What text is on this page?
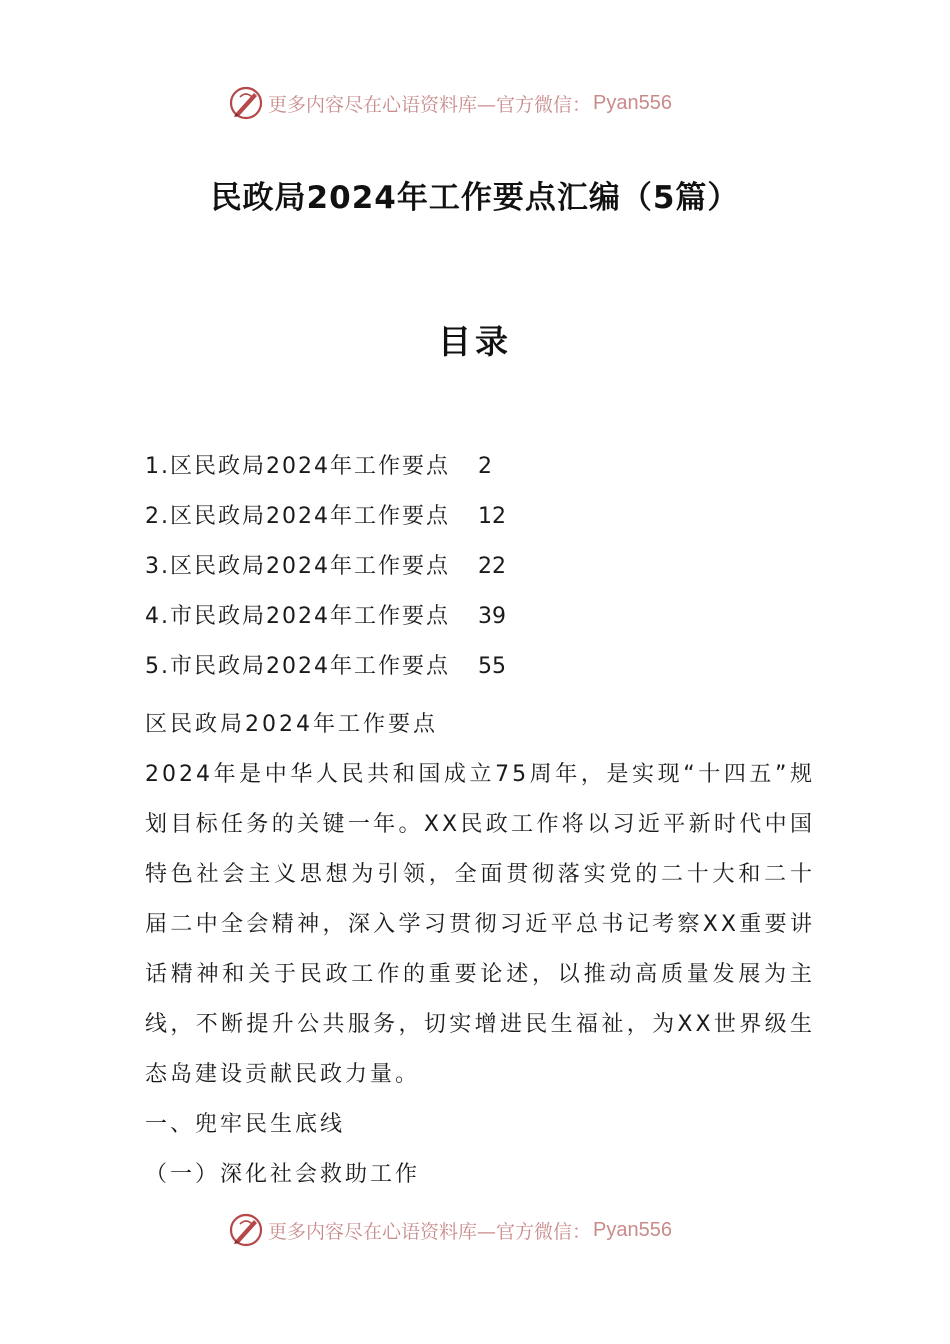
更多内容尽在心语资料库—官方微信： Pyan556
民政局2024年工作要点汇编（5篇）
目录
1.区民政局2024年工作要点 2
2.区民政局2024年工作要点 12
3.区民政局2024年工作要点 22
4.市民政局2024年工作要点 39
5.市民政局2024年工作要点 55

区民政局2024年工作要点

2024年是中华人民共和国成立75周年，是实现“十四五”规划目标任务的关键一年。XX民政工作将以习近平新时代中国特色社会主义思想为引领，全面贯彻落实党的二十大和二十届二中全会精神，深入学习贯彻习近平总书记考察XX重要讲话精神和关于民政工作的重要论述，以推动高质量发展为主线，不断提升公共服务，切实增进民生福祉，为XX世界级生态岛建设贡献民政力量。

一、兜牢民生底线

（一）深化社会救助工作

更多内容尽在心语资料库—官方微信： Pyan556
